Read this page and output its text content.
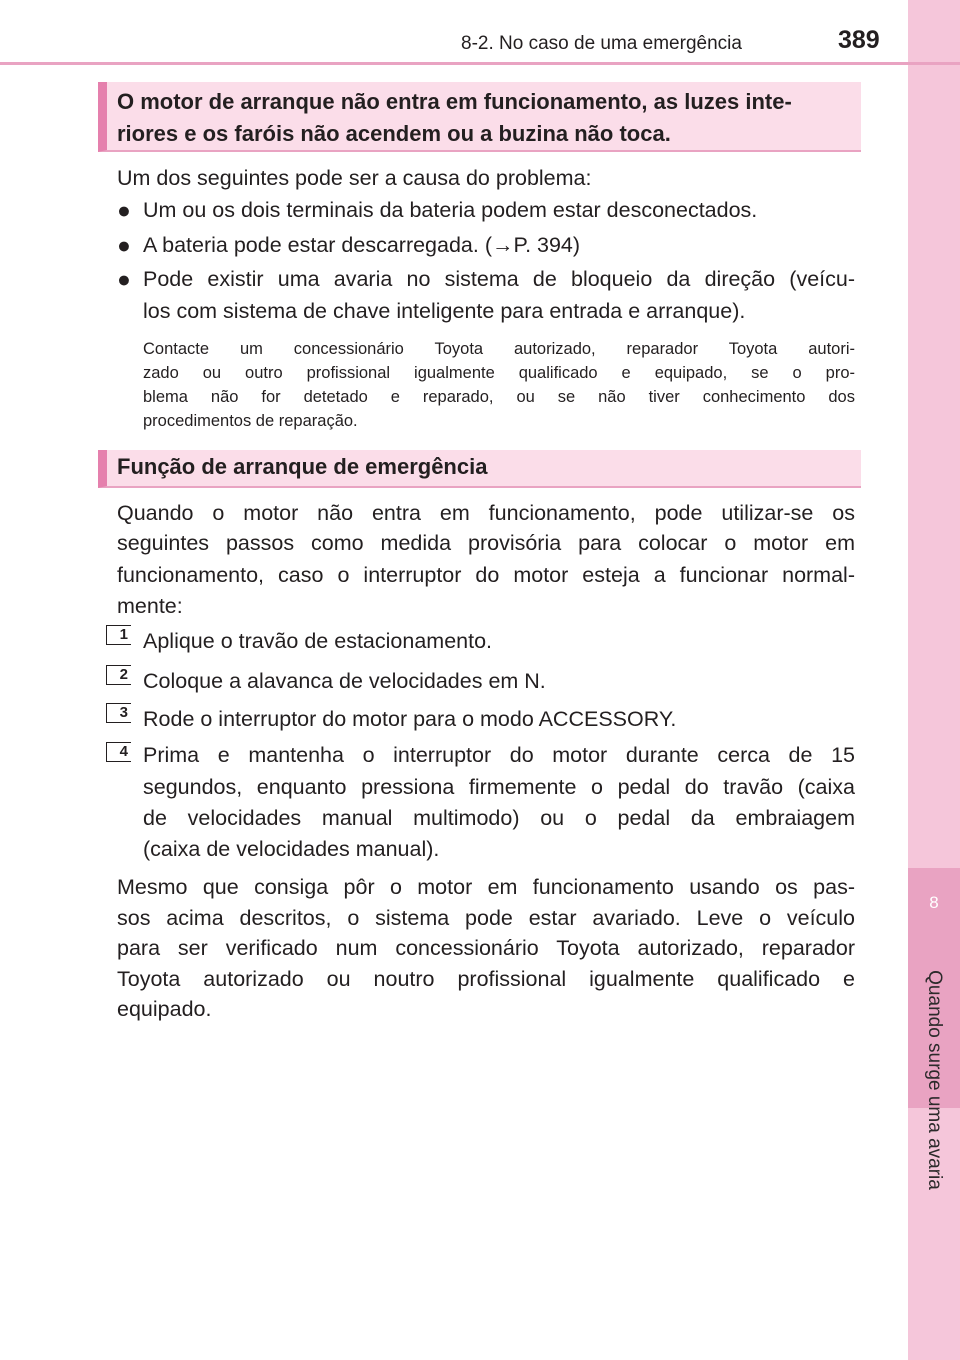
8
Quando surge uma avaria
8-2. No caso de uma emergência	389
O motor de arranque não entra em funcionamento, as luzes inte-
riores e os faróis não acendem ou a buzina não toca.
Um dos seguintes pode ser a causa do problema:
● Um ou os dois terminais da bateria podem estar desconectados.
● A bateria pode estar descarregada. (→P. 394)
● Pode existir uma avaria no sistema de bloqueio da direção (veícu-
los com sistema de chave inteligente para entrada e arranque).
Contacte um concessionário Toyota autorizado, reparador Toyota autori-
zado ou outro profissional igualmente qualificado e equipado, se o pro-
blema não for detetado e reparado, ou se não tiver conhecimento dos
procedimentos de reparação.
Função de arranque de emergência
Quando o motor não entra em funcionamento, pode utilizar-se os
seguintes passos como medida provisória para colocar o motor em
funcionamento, caso o interruptor do motor esteja a funcionar normal-
mente:
1 Aplique o travão de estacionamento.
2 Coloque a alavanca de velocidades em N.
3 Rode o interruptor do motor para o modo ACCESSORY.
4 Prima e mantenha o interruptor do motor durante cerca de 15
segundos, enquanto pressiona firmemente o pedal do travão (caixa
de velocidades manual multimodo) ou o pedal da embraiagem
(caixa de velocidades manual).
Mesmo que consiga pôr o motor em funcionamento usando os pas-
sos acima descritos, o sistema pode estar avariado. Leve o veículo
para ser verificado num concessionário Toyota autorizado, reparador
Toyota autorizado ou noutro profissional igualmente qualificado e
equipado.
